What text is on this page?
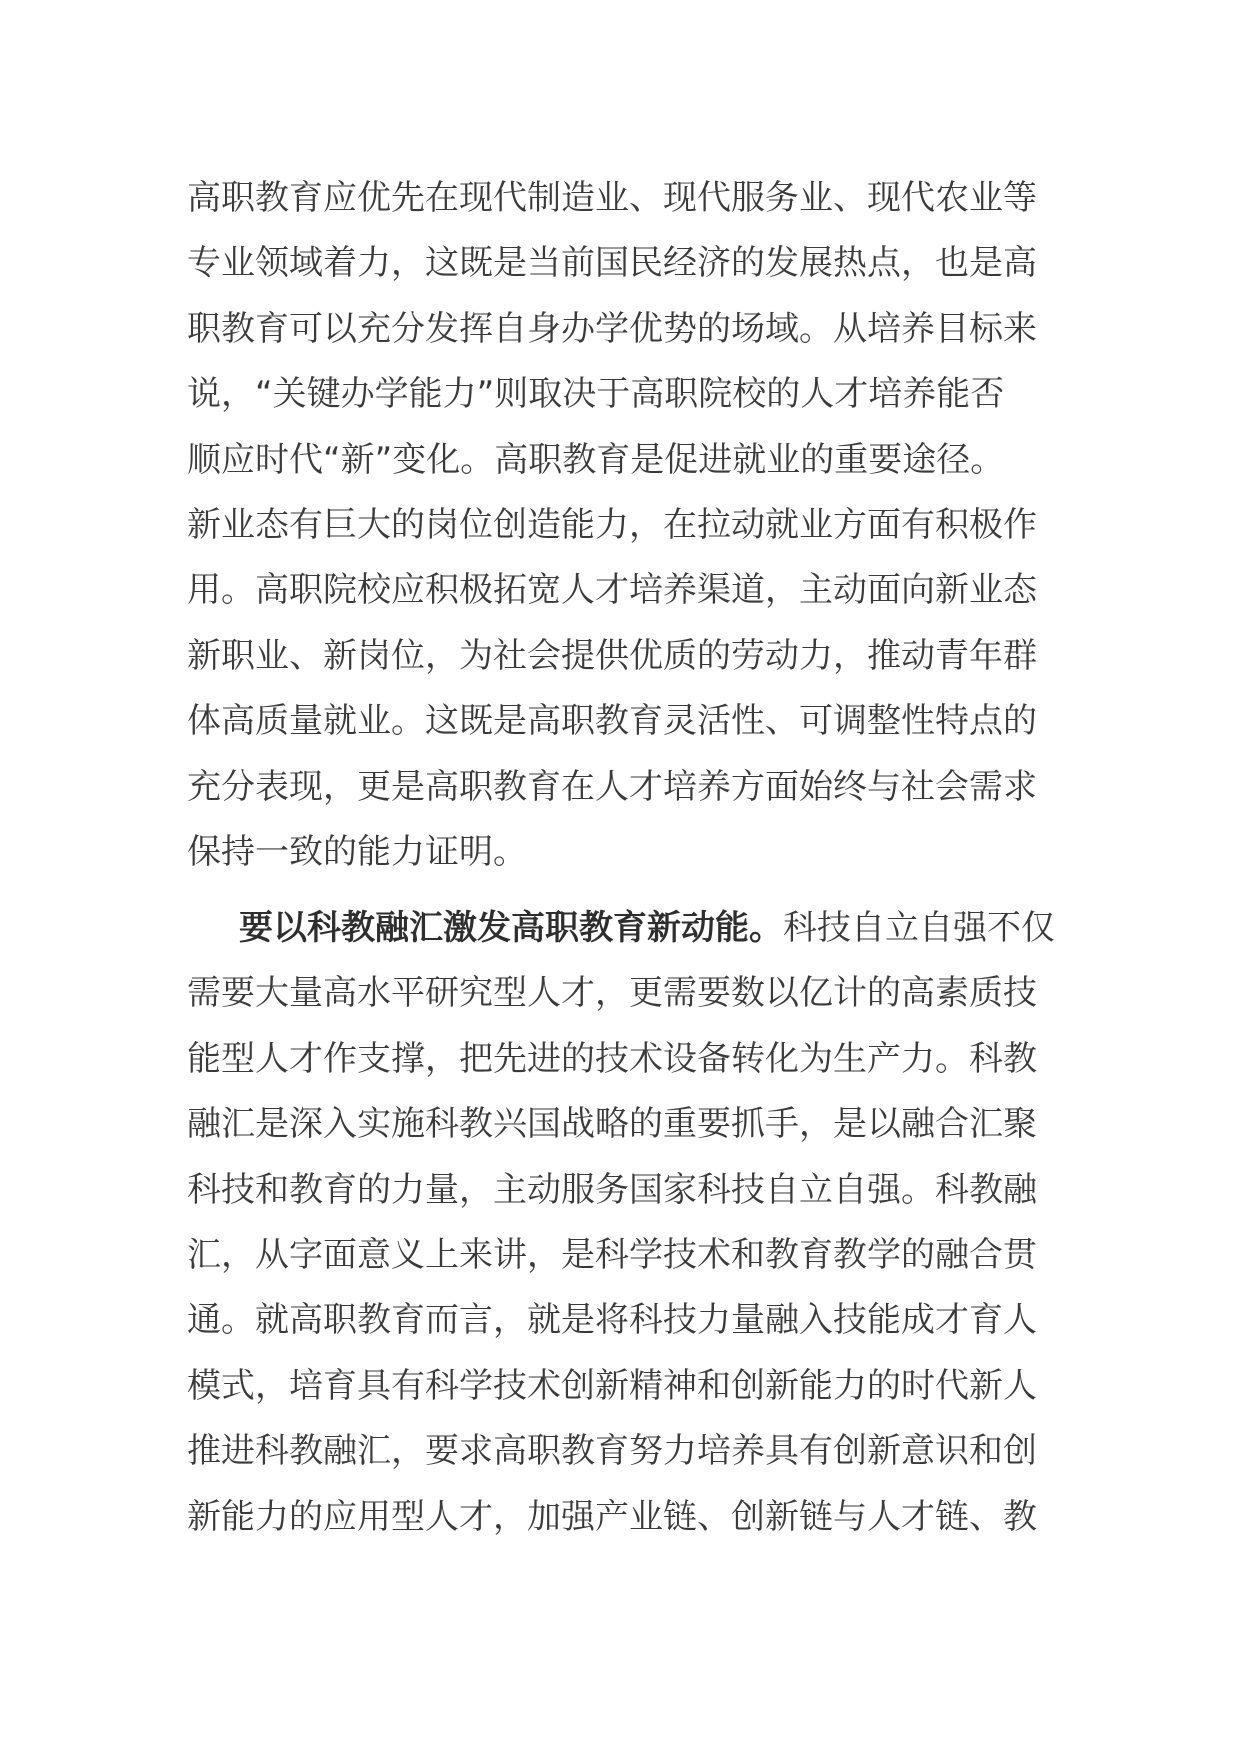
高职教育应优先在现代制造业、现代服务业、现代农业等
专业领域着力，这既是当前国民经济的发展热点，也是高
职教育可以充分发挥自身办学优势的场域。从培养目标来
说，“关键办学能力”则取决于高职院校的人才培养能否
顺应时代“新”变化。高职教育是促进就业的重要途径。
新业态有巨大的岗位创造能力，在拉动就业方面有积极作
用。高职院校应积极拓宽人才培养渠道，主动面向新业态
新职业、新岗位，为社会提供优质的劳动力，推动青年群
体高质量就业。这既是高职教育灵活性、可调整性特点的
充分表现，更是高职教育在人才培养方面始终与社会需求
保持一致的能力证明。
要以科教融汇激发高职教育新动能。科技自立自强不仅
需要大量高水平研究型人才，更需要数以亿计的高素质技
能型人才作支撑，把先进的技术设备转化为生产力。科教
融汇是深入实施科教兴国战略的重要抓手，是以融合汇聚
科技和教育的力量，主动服务国家科技自立自强。科教融
汇，从字面意义上来讲，是科学技术和教育教学的融合贯
通。就高职教育而言，就是将科技力量融入技能成才育人
模式，培育具有科学技术创新精神和创新能力的时代新人
推进科教融汇，要求高职教育努力培养具有创新意识和创
新能力的应用型人才，加强产业链、创新链与人才链、教
